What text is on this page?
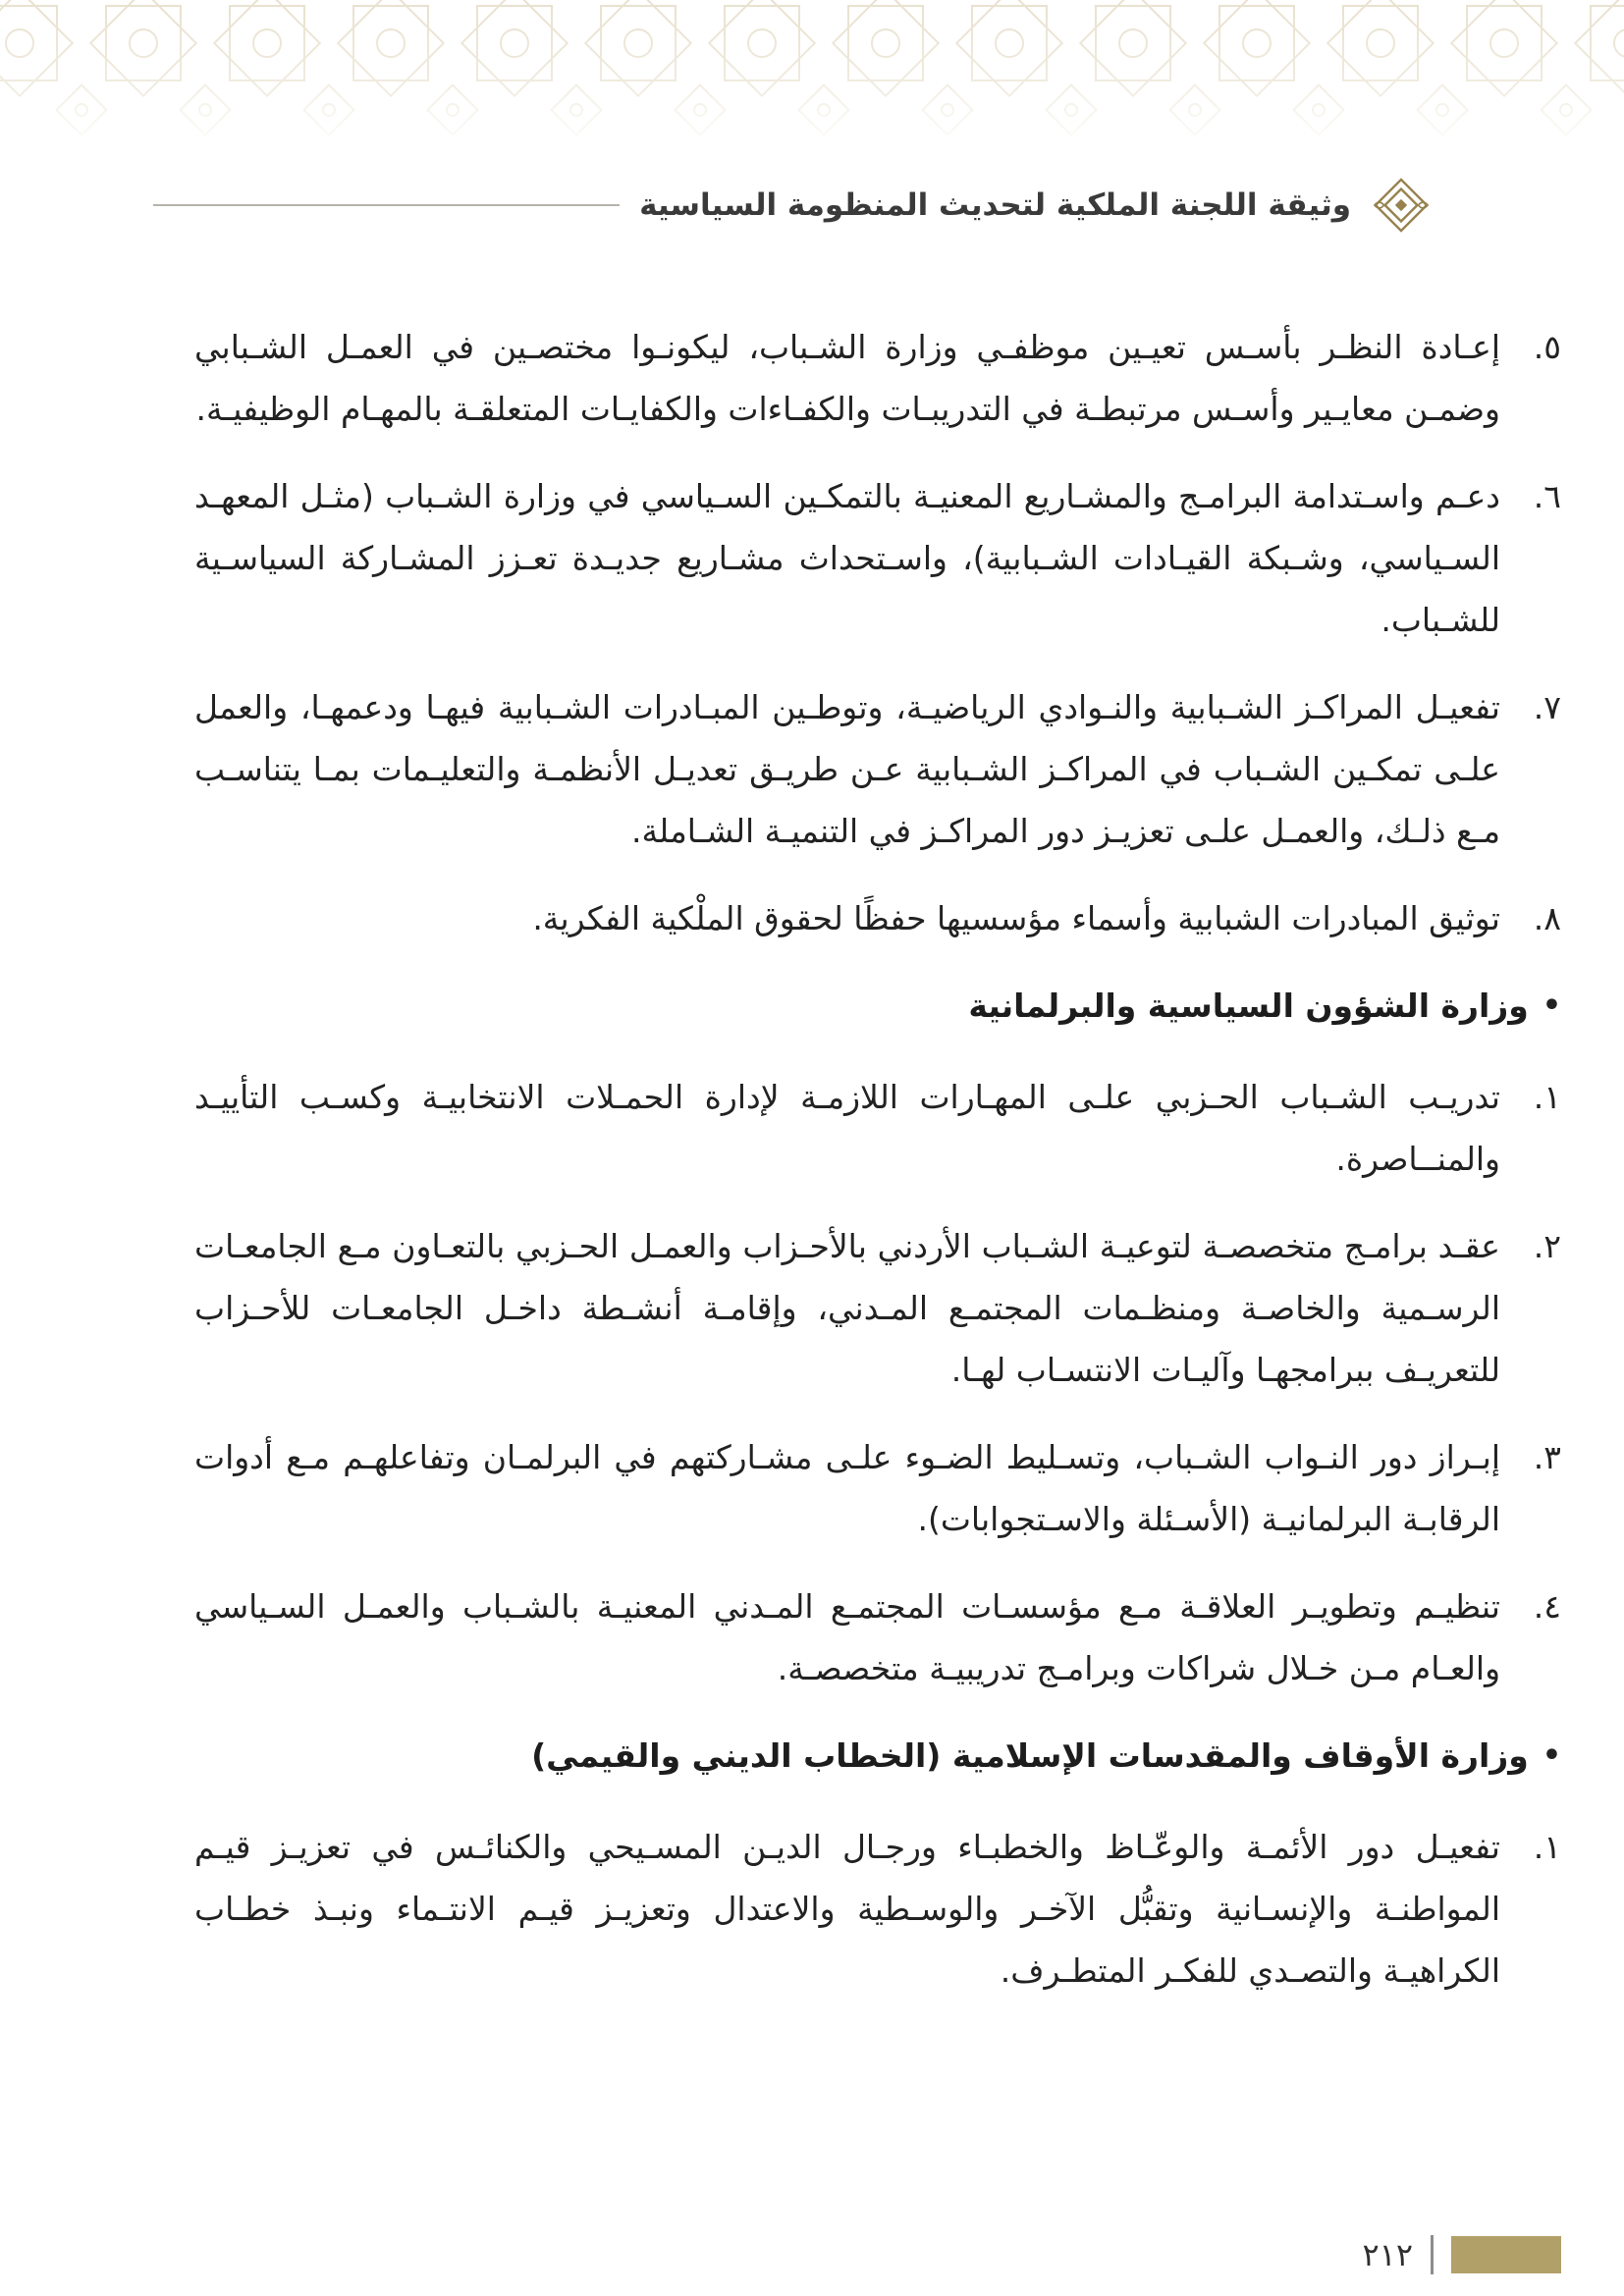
وثيقة اللجنة الملكية لتحديث المنظومة السياسية
٥.
إعـادة النظـر بأسـس تعيـين موظفـي وزارة الشـباب، ليكونـوا مختصـين في العمـل الشـبابي وضمـن معايـير وأسـس مرتبطـة في التدريبـات والكفـاءات والكفايـات المتعلقـة بالمهـام الوظيفيـة.
٦.
دعـم واسـتدامة البرامـج والمشـاريع المعنيـة بالتمكـين السـياسي في وزارة الشـباب (مثـل المعهـد السـياسي، وشـبكة القيـادات الشـبابية)، واسـتحداث مشـاريع جديـدة تعـزز المشـاركة السياسـية للشـباب.
٧.
تفعيـل المراكـز الشـبابية والنـوادي الرياضيـة، وتوطـين المبـادرات الشـبابية فيهـا ودعمهـا، والعمل علـى تمكـين الشـباب في المراكـز الشـبابية عـن طريـق تعديـل الأنظمـة والتعليـمات بمـا يتناسـب مـع ذلـك، والعمـل علـى تعزيـز دور المراكـز في التنميـة الشـاملة.
٨.
توثيق المبادرات الشبابية وأسماء مؤسسيها حفظًا لحقوق الملْكية الفكرية.
•
وزارة الشؤون السياسية والبرلمانية
١.
تدريـب الشـباب الحـزبي علـى المهـارات اللازمـة لإدارة الحمـلات الانتخابيـة وكسـب التأييـد والمنــاصرة.
٢.
عقـد برامـج متخصصـة لتوعيـة الشـباب الأردني بالأحـزاب والعمـل الحـزبي بالتعـاون مـع الجامعـات الرسـمية والخاصـة ومنظـمات المجتمـع المـدني، وإقامـة أنشـطة داخـل الجامعـات للأحـزاب للتعريـف ببرامجهـا وآليـات الانتسـاب لهـا.
٣.
إبـراز دور النـواب الشـباب، وتسـليط الضـوء علـى مشـاركتهم في البرلمـان وتفاعلهـم مـع أدوات الرقابـة البرلمانيـة (الأسـئلة والاسـتجوابات).
٤.
تنظيـم وتطويـر العلاقـة مـع مؤسسـات المجتمـع المـدني المعنيـة بالشـباب والعمـل السـياسي والعـام مـن خـلال شراكات وبرامـج تدريبيـة متخصصـة.
•
وزارة الأوقاف والمقدسات الإسلامية (الخطاب الديني والقيمي)
١.
تفعيـل دور الأئمـة والوعّـاظ والخطبـاء ورجـال الديـن المسـيحي والكنائـس في تعزيـز قيـم المواطنـة والإنسـانية وتقبُّل الآخـر والوسـطية والاعتدال وتعزيـز قيـم الانتـماء ونبـذ خطـاب الكراهيـة والتصـدي للفكـر المتطـرف.
٢١٢
